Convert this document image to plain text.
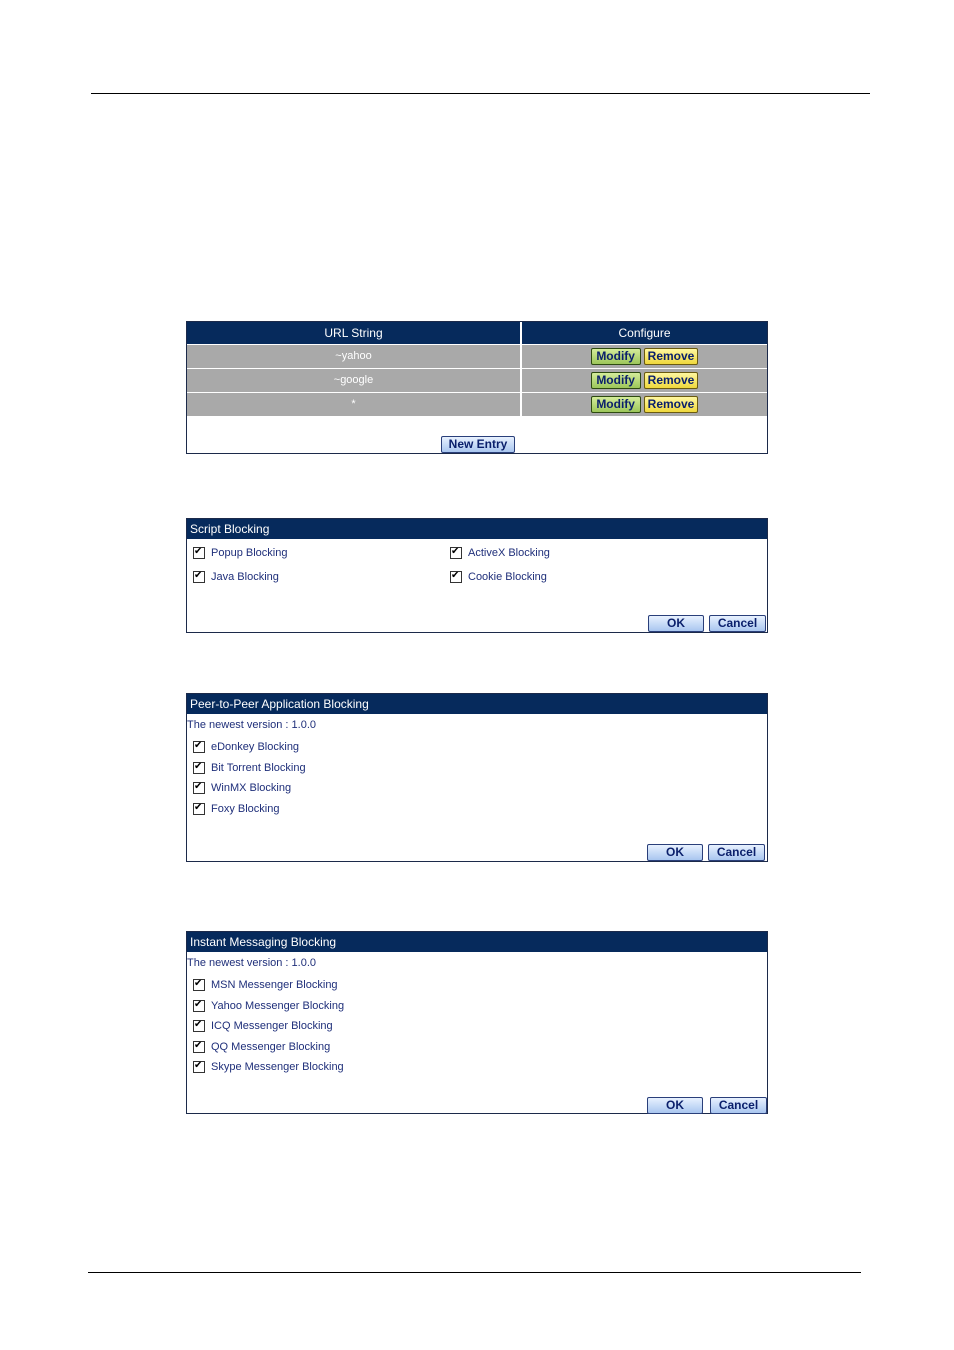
URL String	Configure
~yahoo	Modify	Remove
~google	Modify	Remove
*	Modify	Remove
New Entry
Script Blocking
✔
Popup Blocking ✔	ActiveX Blocking
✔
Java Blocking ✔	Cookie Blocking
OK	Cancel
Peer-to-Peer Application Blocking
The newest version : 1.0.0
✔
eDonkey Blocking
✔
Bit Torrent Blocking
✔
WinMX Blocking
✔
Foxy Blocking
OK	Cancel
Instant Messaging Blocking
The newest version : 1.0.0
✔
MSN Messenger Blocking
✔
Yahoo Messenger Blocking
✔
ICQ Messenger Blocking
✔
QQ Messenger Blocking
✔
Skype Messenger Blocking
OK	Cancel
